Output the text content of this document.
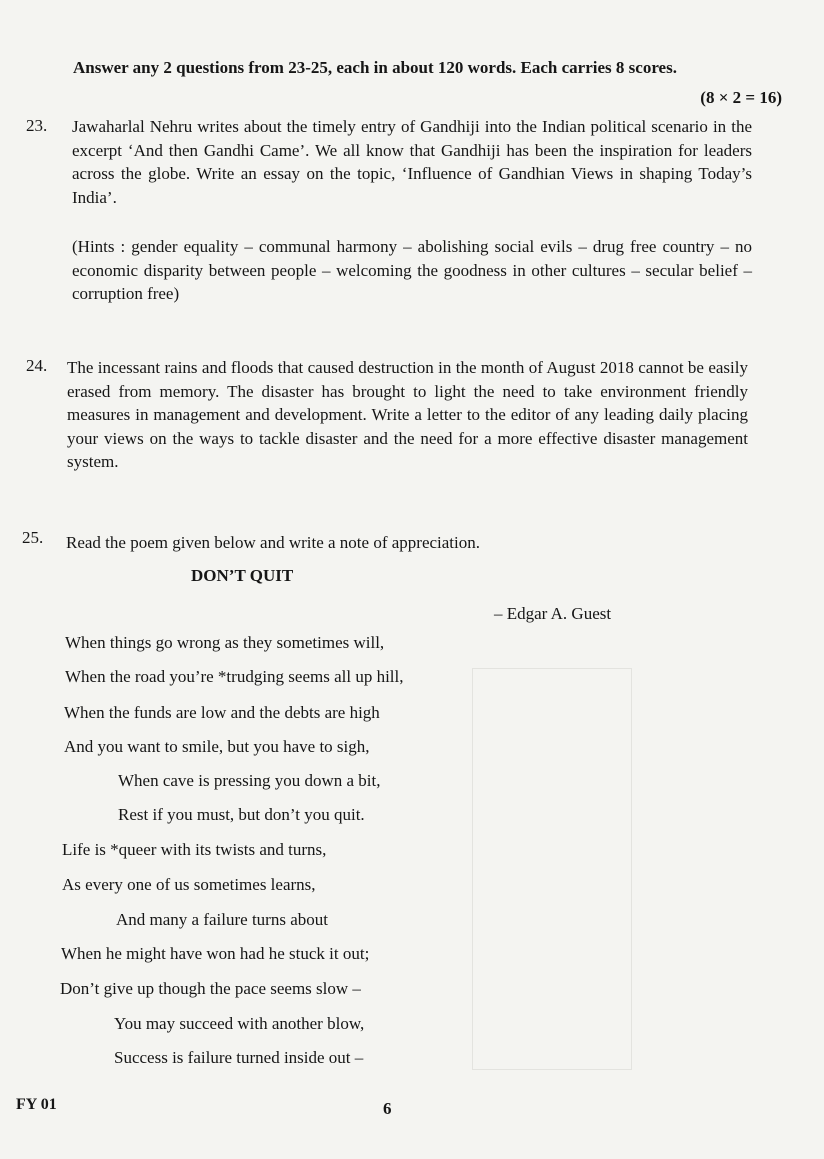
Answer any 2 questions from 23-25, each in about 120 words. Each carries 8 scores.
(8 × 2 = 16)
23. Jawaharlal Nehru writes about the timely entry of Gandhiji into the Indian political scenario in the excerpt ‘And then Gandhi Came’. We all know that Gandhiji has been the inspiration for leaders across the globe. Write an essay on the topic, ‘Influence of Gandhian Views in shaping Today’s India’.
(Hints : gender equality – communal harmony – abolishing social evils – drug free country – no economic disparity between people – welcoming the goodness in other cultures – secular belief – corruption free)
24. The incessant rains and floods that caused destruction in the month of August 2018 cannot be easily erased from memory. The disaster has brought to light the need to take environment friendly measures in management and development. Write a letter to the editor of any leading daily placing your views on the ways to tackle disaster and the need for a more effective disaster management system.
25. Read the poem given below and write a note of appreciation.
DON’T QUIT
– Edgar A. Guest
When things go wrong as they sometimes will,
When the road you’re *trudging seems all up hill,
When the funds are low and the debts are high
And you want to smile, but you have to sigh,
When cave is pressing you down a bit,
Rest if you must, but don’t you quit.
Life is *queer with its twists and turns,
As every one of us sometimes learns,
And many a failure turns about
When he might have won had he stuck it out;
Don’t give up though the pace seems slow –
You may succeed with another blow,
Success is failure turned inside out –
FY 01	6
